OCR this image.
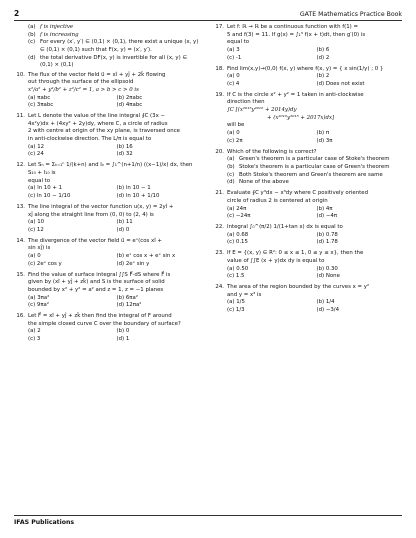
2	GATE Mathematics Practice Book
(a) f is injective
(b) f is increasing
(c) For every (x′, y′) ∈ (0,1) × (0,1), there exist a unique (x, y) ∈ (0,1) × (0,1) such that F(x, y) = (x′, y′).
(d) the total derivative DF(x, y) is invertible for all (x, y) ∈ (0,1) × (0,1)
10. The flux of the vector field u⃗ = xî + yĵ + 2k̂ flowing
out through the surface of the ellipsoid
x²/a² + y²/b² + z²/c² = 1, a > b > c > 0 is
(a) πabc	(b) 2πabc
(c) 3πabc	(d) 4πabc
11. Let L denote the value of the line integral ∮C (3x −
4x²y)dx + (4xy² + 2y)dy, where C, a circle of radius
2 with centre at origin of the xy plane, is traversed once
in anti-clockwise direction. The L/π is equal to
(a) 12	(b) 16
(c) 24	(d) 32
12. Let Sₙ = Σₖ₌₁ⁿ 1/(k+n) and Iₙ = ∫₁^(n+1/n) ((x−1)/x) dx, then S₁₀ + I₁₀ is
equal to
(a) ln 10 + 1	(b) ln 10 − 1
(c) ln 10 − 1/10	(d) ln 10 + 1/10
13. The line integral of the vector function u(x, y) = 2yî +
xĵ along the straight line from (0, 0) to (2, 4) is
(a) 10	(b) 11
(c) 12	(d) 0
14. The divergence of the vector field u⃗ = eˣ(cos xî +
sin xĵ) is
(a) 0	(b) eˣ cos x + eˣ sin x
(c) 2eˣ cos y	(d) 2eˣ sin y
15. Find the value of surface integral ∫∫S F⃗·dS where F⃗ is
given by (xî + yĵ + zk̂) and S is the surface of solid
bounded by x² + y² = a² and z = 1, z = −1 planes
(a) 3πa²	(b) 6πa²
(c) 9πa²	(d) 12πa²
16. Let F⃗ = xî + yĵ + zk̂ then find the integral of F around
the simple closed curve C over the boundary of surface?
(a) 2	(b) 0
(c) 3	(d) 1
17. Let f: ℝ → ℝ be a continuous function with f(1) =
5 and f(3) = 11. If g(x) = ∫₁³ f(x + t)dt, then g′(0) is
equal to
(a) 3	(b) 6
(c) -1	(d) 2
18. Find lim(x,y)→(0,0) f(x, y) where f(x, y) = { x sin(1/y) ; 0 }
(a) 0	(b) 2
(c) 4	(d) Does not exist
19. If C is the circle x² + y² = 1 taken in anti-clockwise
direction then
∫C [(x²⁰¹⁵y²⁰¹⁶ + 2014y)dy
+ (x²⁰¹⁶y²⁰¹⁵ + 2017x)dx]
will be
(a) 0	(b) π
(c) 2π	(d) 3π
20. Which of the following is correct?
(a) Green's theorem is a particular case of Stoke's theorem
(b) Stoke's theorem is a particular case of Green's theorem
(c) Both Stoke's theorem and Green's theorem are same
(d) None of the above
21. Evaluate ∮C y³dx − x³dy where C positively oriented
circle of radius 2 is centered at origin
(a) 24π	(b) 4π
(c) −24π	(d) −4π
22. Integral ∫₀^(π/2) 1/(1+tan x) dx is equal to
(a) 0.68	(b) 0.78
(c) 0.15	(d) 1.78
23. If E = {(x, y) ∈ R²: 0 ≤ x ≤ 1, 0 ≤ y ≤ x}, then the
value of ∫∫E (x + y)dx dy is equal to
(a) 0.50	(b) 0.30
(c) 1.5	(d) None
24. The area of the region bounded by the curves x = y²
and y = x³ is
(a) 1/5	(b) 1/4
(c) 1/3	(d) −3/4
IFAS Publications
